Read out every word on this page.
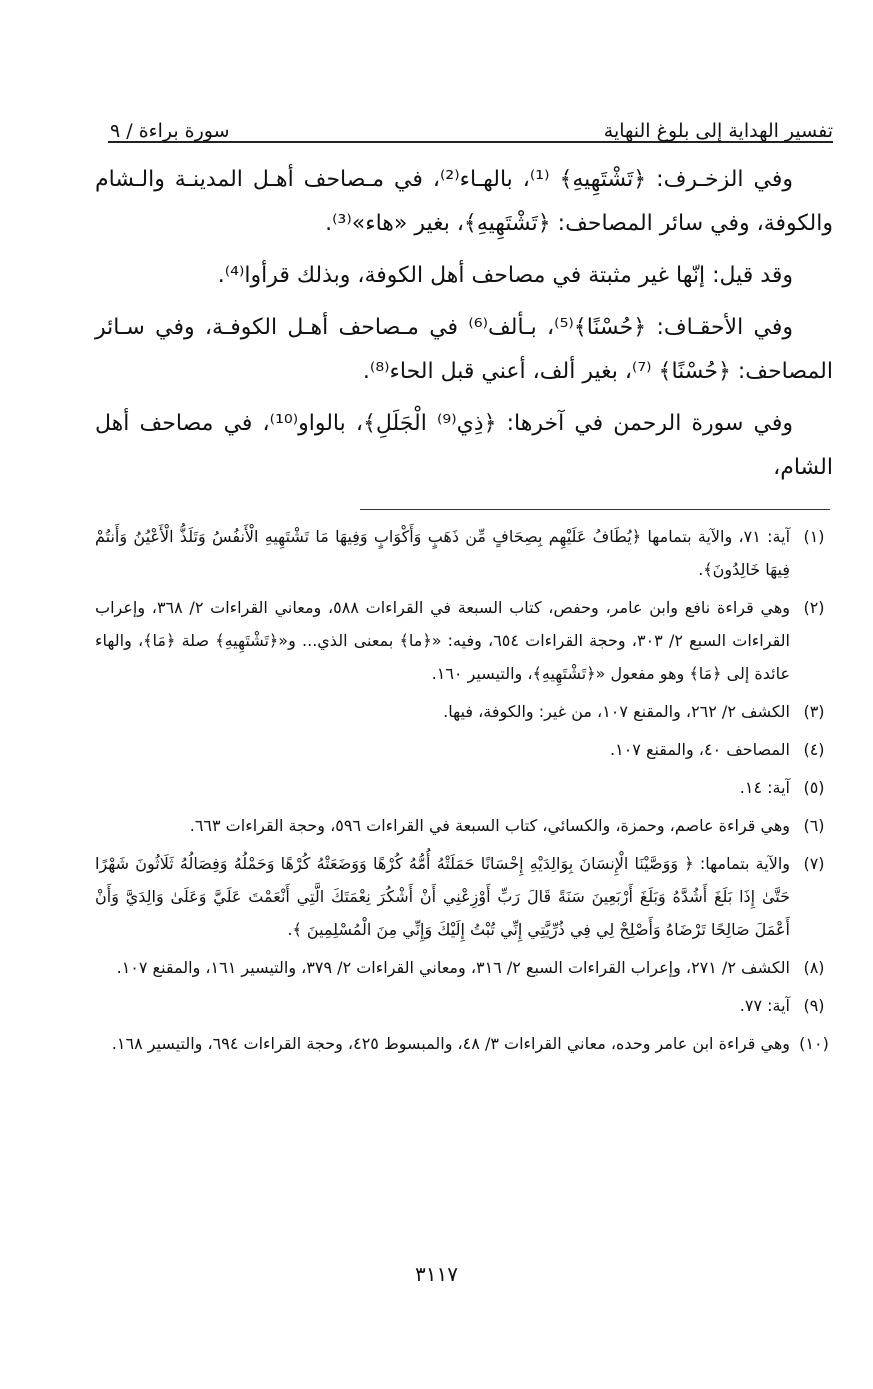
تفسير الهداية إلى بلوغ النهاية
سورة براءة / ٩

وفي الزخـرف: ﴿تَشْتَهِيهِ﴾ ⁽¹⁾، بالهـاء⁽²⁾، في مـصاحف أهـل المدينـة والـشام والكوفة، وفي سائر المصاحف: ﴿تَشْتَهِيهِ﴾، بغير «هاء»⁽³⁾.

وقد قيل: إنّها غير مثبتة في مصاحف أهل الكوفة، وبذلك قرأوا⁽⁴⁾.

وفي الأحقـاف: ﴿حُسْنًا﴾⁽⁵⁾، بـألف⁽⁶⁾ في مـصاحف أهـل الكوفـة، وفي سـائر المصاحف: ﴿حُسْنًا﴾ ⁽⁷⁾، بغير ألف، أعني قبل الحاء⁽⁸⁾.

وفي سورة الرحمن في آخرها: ﴿ذِي⁽⁹⁾ الْجَلَلِ﴾، بالواو⁽¹⁰⁾، في مصاحف أهل الشام،

(١)
آية: ٧١، والآية بتمامها ﴿يُطَافُ عَلَيْهِم بِصِحَافٍ مِّن ذَهَبٍ وَأَكْوَابٍ وَفِيهَا مَا تَشْتَهِيهِ الْأَنفُسُ وَتَلَذُّ الْأَعْيُنُ وَأَنتُمْ فِيهَا خَالِدُونَ﴾.
(٢)
وهي قراءة نافع وابن عامر، وحفص، كتاب السبعة في القراءات ٥٨٨، ومعاني القراءات ٢/ ٣٦٨، وإعراب القراءات السبع ٢/ ٣٠٣، وحجة القراءات ٦٥٤، وفيه: «﴿ما﴾ بمعنى الذي... و«﴿تَشْتَهِيهِ﴾ صلة ﴿مَا﴾، والهاء عائدة إلى ﴿مَا﴾ وهو مفعول «﴿تَشْتَهِيهِ﴾، والتيسير ١٦٠.
(٣)
الكشف ٢/ ٢٦٢، والمقنع ١٠٧، من غير: والكوفة، فيها.
(٤)
المصاحف ٤٠، والمقنع ١٠٧.
(٥)
آية: ١٤.
(٦)
وهي قراءة عاصم، وحمزة، والكسائي، كتاب السبعة في القراءات ٥٩٦، وحجة القراءات ٦٦٣.
(٧)
والآية بتمامها: ﴿ وَوَصَّيْنَا الْإِنسَانَ بِوَالِدَيْهِ إِحْسَانًا حَمَلَتْهُ أُمُّهُ كُرْهًا وَوَضَعَتْهُ كُرْهًا وَحَمْلُهُ وَفِصَالُهُ ثَلَاثُونَ شَهْرًا حَتَّىٰ إِذَا بَلَغَ أَشُدَّهُ وَبَلَغَ أَرْبَعِينَ سَنَةً قَالَ رَبِّ أَوْزِعْنِي أَنْ أَشْكُرَ نِعْمَتَكَ الَّتِي أَنْعَمْتَ عَلَيَّ وَعَلَىٰ وَالِدَيَّ وَأَنْ أَعْمَلَ صَالِحًا تَرْضَاهُ وَأَصْلِحْ لِي فِي ذُرِّيَّتِي إِنِّي تُبْتُ إِلَيْكَ وَإِنِّي مِنَ الْمُسْلِمِينَ ﴾.
(٨)
الكشف ٢/ ٢٧١، وإعراب القراءات السبع ٢/ ٣١٦، ومعاني القراءات ٢/ ٣٧٩، والتيسير ١٦١، والمقنع ١٠٧.
(٩)
آية: ٧٧.
(١٠)
وهي قراءة ابن عامر وحده، معاني القراءات ٣/ ٤٨، والمبسوط ٤٢٥، وحجة القراءات ٦٩٤، والتيسير ١٦٨.
٣١١٧
